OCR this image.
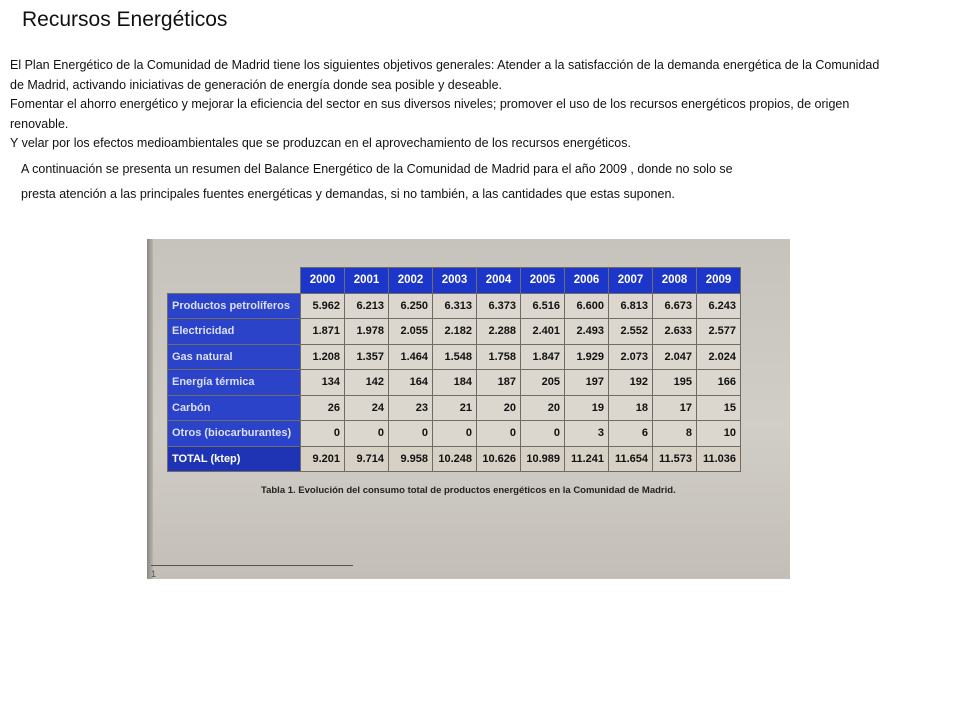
Recursos Energéticos

El Plan Energético de la Comunidad de Madrid tiene los siguientes objetivos generales: Atender a la satisfacción de la demanda energética de la Comunidad de Madrid, activando iniciativas de generación de energía donde sea posible y deseable.

Fomentar el ahorro energético y mejorar la eficiencia del sector en sus diversos niveles; promover el uso de los recursos energéticos propios, de origen renovable.

Y velar por los efectos medioambientales que se produzcan en el aprovechamiento de los recursos energéticos.

A continuación se presenta un resumen del Balance Energético de la Comunidad de Madrid para el año 2009 , donde no solo se

presta atención a las principales fuentes energéticas y demandas, si no también, a las cantidades que estas suponen.

	2000	2001	2002	2003	2004	2005	2006	2007	2008	2009
Productos petrolíferos	5.962	6.213	6.250	6.313	6.373	6.516	6.600	6.813	6.673	6.243
Electricidad	1.871	1.978	2.055	2.182	2.288	2.401	2.493	2.552	2.633	2.577
Gas natural	1.208	1.357	1.464	1.548	1.758	1.847	1.929	2.073	2.047	2.024
Energía térmica	134	142	164	184	187	205	197	192	195	166
Carbón	26	24	23	21	20	20	19	18	17	15
Otros (biocarburantes)	0	0	0	0	0	0	3	6	8	10
TOTAL (ktep)	9.201	9.714	9.958	10.248	10.626	10.989	11.241	11.654	11.573	11.036
Tabla 1. Evolución del consumo total de productos energéticos en la Comunidad de Madrid.
1
